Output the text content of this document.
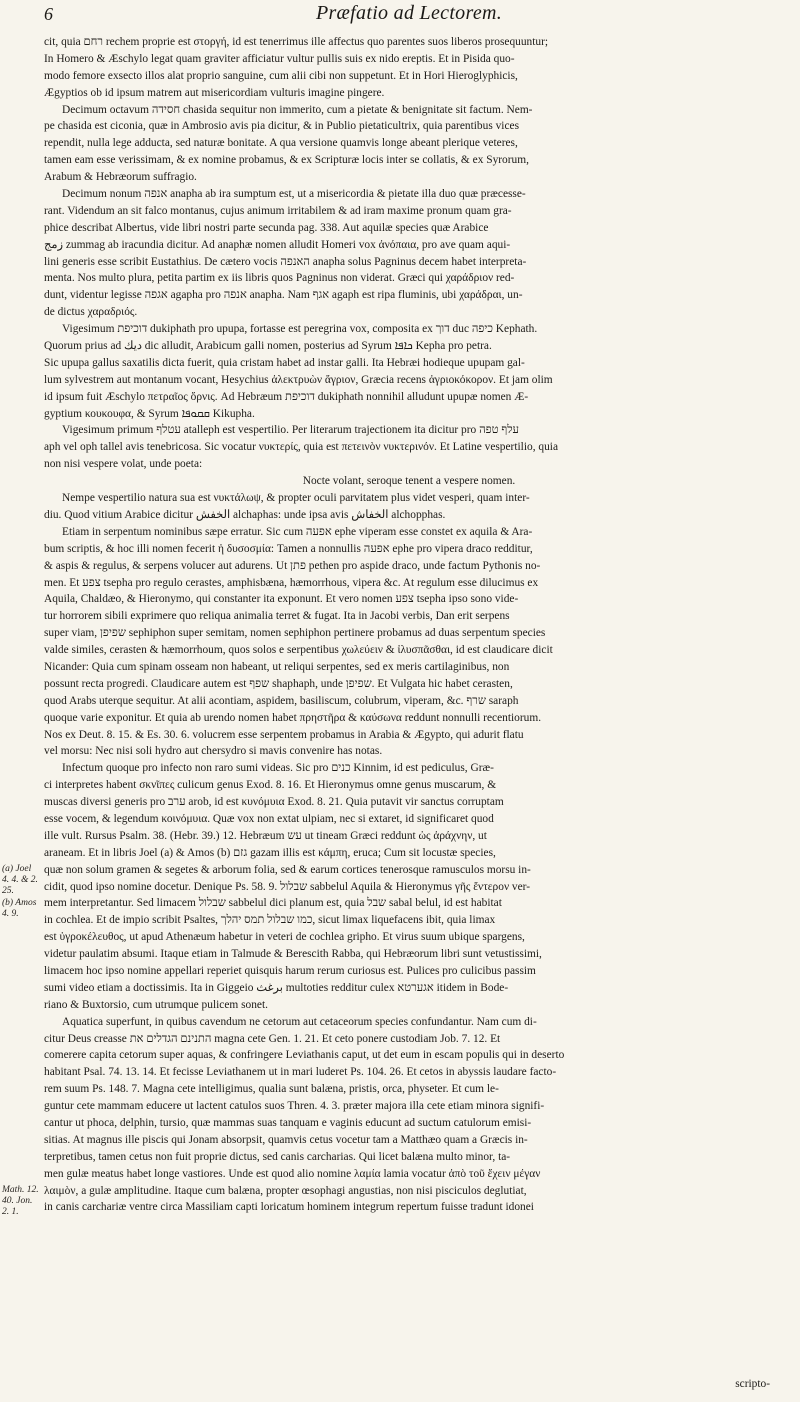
6	Præfatio ad Lectorem.
cit, quia רחם rechem proprie est στοργή, id est tenerrimus ille affectus quo parentes suos liberos prosequuntur;
In Homero & Æschylo legat quam graviter afficiatur vultur pullis suis ex nido ereptis. Et in Pisida quo-
modo femore exsecto illos alat proprio sanguine, cum alii cibi non suppetunt. Et in Hori Hieroglyphicis,
Ægyptios ob id ipsum matrem aut misericordiam vulturis imagine pingere.
Decimum octavum חסידה chasida sequitur non immerito, cum a pietate & benignitate sit factum. Nem-
pe chasida est ciconia, quæ in Ambrosio avis pia dicitur, & in Publio pietaticultrix, quia parentibus vices
rependit, nulla lege adducta, sed naturæ bonitate. A qua versione quamvis longe abeant plerique veteres,
tamen eam esse verissimam, & ex nomine probamus, & ex Scripturæ locis inter se collatis, & ex Syrorum,
Arabum & Hebræorum suffragio.
Decimum nonum אנפה anapha ab ira sumptum est, ut a misericordia & pietate illa duo quæ præcesse-
rant. Videndum an sit falco montanus, cujus animum irritabilem & ad iram maxime pronum quam gra-
phice describat Albertus, vide libri nostri parte secunda pag. 338. Aut aquilæ species quæ Arabice
زمج zummag ab iracundia dicitur. Ad anaphæ nomen alludit Homeri vox ἀνόπαια, pro ave quam aqui-
lini generis esse scribit Eustathius. De cætero vocis האנפה anapha solus Pagninus decem habet interpreta-
menta. Nos multo plura, petita partim ex iis libris quos Pagninus non viderat. Græci qui χαράδριον red-
dunt, videntur legisse אגפה agapha pro אנפה anapha. Nam אגף agaph est ripa fluminis, ubi χαράδραι, un-
de dictus χαραδριός.
Vigesimum דוכיפת dukiphath pro upupa, fortasse est peregrina vox, composita ex דוך duc כיפה Kephath.
Quorum prius ad ديك dic alludit, Arabicum galli nomen, posterius ad Syrum ܟܐܦܐ Kepha pro petra.
Sic upupa gallus saxatilis dicta fuerit, quia cristam habet ad instar galli. Ita Hebræi hodieque upupam gal-
lum sylvestrem aut montanum vocant, Hesychius ἀλεκτρυὼν ἄγριον, Græcia recens ἀγριοκόκορον. Et jam olim
id ipsum fuit Æschylo πετραῖος ὄρνις. Ad Hebræum דוכיפת dukiphath nonnihil alludunt upupæ nomen Æ-
gyptium κουκουφα, & Syrum ܩܩܘܦܐ Kikupha.
Vigesimum primum עטלף atalleph est vespertilio. Per literarum trajectionem ita dicitur pro עלף טפה
aph vel oph tallel avis tenebricosa. Sic vocatur νυκτερίς, quia est πετεινὸν νυκτερινόν. Et Latine vespertilio, quia
non nisi vespere volat, unde poeta:
Nocte volant, seroque tenent a vespere nomen.
Nempe vespertilio natura sua est νυκτάλωψ, & propter oculi parvitatem plus videt vesperi, quam inter-
diu. Quod vitium Arabice dicitur الخفش alchaphas: unde ipsa avis الخفاش alchopphas.
Etiam in serpentum nominibus sæpe erratur. Sic cum אפעה ephe viperam esse constet ex aquila & Ara-
bum scriptis, & hoc illi nomen fecerit ἡ δυσοσμία: Tamen a nonnullis אפעה ephe pro vipera draco redditur,
& aspis & regulus, & serpens volucer aut adurens. Ut פתן pethen pro aspide draco, unde factum Pythonis no-
men. Et צפע tsepha pro regulo cerastes, amphisbæna, hæmorrhous, vipera &c. At regulum esse dilucimus ex
Aquila, Chaldæo, & Hieronymo, qui constanter ita exponunt. Et vero nomen צפע tsepha ipso sono vide-
tur horrorem sibili exprimere quo reliqua animalia terret & fugat. Ita in Jacobi verbis, Dan erit serpens
super viam, שפיפן sephiphon super semitam, nomen sephiphon pertinere probamus ad duas serpentum species
valde similes, cerasten & hæmorrhoum, quos solos e serpentibus χωλεύειν & ἰλυσπᾶσθαι, id est claudicare dicit
Nicander: Quia cum spinam osseam non habeant, ut reliqui serpentes, sed ex meris cartilaginibus, non
possunt recta progredi. Claudicare autem est שפף shaphaph, unde שפיפן. Et Vulgata hic habet cerasten,
quod Arabs uterque sequitur. At alii acontiam, aspidem, basiliscum, colubrum, viperam, &c. שרף saraph
quoque varie exponitur. Et quia ab urendo nomen habet πρηστῆρα & καύσωνα reddunt nonnulli recentiorum.
Nos ex Deut. 8. 15. & Es. 30. 6. volucrem esse serpentem probamus in Arabia & Ægypto, qui adurit flatu
vel morsu: Nec nisi soli hydro aut chersydro si mavis convenire has notas.
Infectum quoque pro infecto non raro sumi videas. Sic pro כנים Kinnim, id est pediculus, Græ-
ci interpretes habent σκνῖπες culicum genus Exod. 8. 16. Et Hieronymus omne genus muscarum, &
muscas diversi generis pro ערב arob, id est κυνόμυια Exod. 8. 21. Quia putavit vir sanctus corruptam
esse vocem, & legendum κοινόμυια. Quæ vox non extat ulpiam, nec si extaret, id significaret quod
ille vult. Rursus Psalm. 38. (Hebr. 39.) 12. Hebræum עש ut tineam Græci reddunt ὡς ἀράχνην, ut
araneam. Et in libris Joel (a) & Amos (b) גזם gazam illis est κάμπη, eruca; Cum sit locustæ species,
quæ non solum gramen & segetes & arborum folia, sed & earum cortices tenerosque ramusculos morsu in-
cidit, quod ipso nomine docetur. Denique Ps. 58. 9. שבלול sabbelul Aquila & Hieronymus γῆς ἔντερον ver-
mem interpretantur. Sed limacem שבלול sabbelul dici planum est, quia שבל sabal belul, id est habitat
in cochlea. Et de impio scribit Psaltes, כמו שבלול תמס יהלך, sicut limax liquefacens ibit, quia limax
est ὑγροκέλευθος, ut apud Athenæum habetur in veteri de cochlea gripho. Et virus suum ubique spargens,
videtur paulatim absumi. Itaque etiam in Talmude & Berescith Rabba, qui Hebræorum libri sunt vetustissimi,
limacem hoc ipso nomine appellari reperiet quisquis harum rerum curiosus est. Pulices pro culicibus passim
sumi video etiam a doctissimis. Ita in Giggeio برغث multoties redditur culex אגערטא itidem in Bode-
riano & Buxtorsio, cum utrumque pulicem sonet.
Aquatica superfunt, in quibus cavendum ne cetorum aut cetaceorum species confundantur. Nam cum di-
citur Deus creasse התנינם הגדלים את magna cete Gen. 1. 21. Et ceto ponere custodiam Job. 7. 12. Et
comerere capita cetorum super aquas, & confringere Leviathanis caput, ut det eum in escam populis qui in deserto
habitant Psal. 74. 13. 14. Et fecisse Leviathanem ut in mari luderet Ps. 104. 26. Et cetos in abyssis laudare facto-
rem suum Ps. 148. 7. Magna cete intelligimus, qualia sunt balæna, pristis, orca, physeter. Et cum le-
guntur cete mammam educere ut lactent catulos suos Thren. 4. 3. præter majora illa cete etiam minora signifi-
cantur ut phoca, delphin, tursio, quæ mammas suas tanquam e vaginis educunt ad suctum catulorum emisi-
sitias. At magnus ille piscis qui Jonam absorpsit, quamvis cetus vocetur tam a Matthæo quam a Græcis in-
terpretibus, tamen cetus non fuit proprie dictus, sed canis carcharias. Qui licet balæna multo minor, ta-
men gulæ meatus habet longe vastiores. Unde est quod alio nomine λαμία lamia vocatur ἀπὸ τοῦ ἔχειν μέγαν
λαιμὸν, a gulæ amplitudine. Itaque cum balæna, propter œsophagi angustias, non nisi pisciculos deglutiat,
in canis carchariæ ventre circa Massiliam capti loricatum hominem integrum repertum fuisse tradunt idonei
(a) Joel 4. 4. & 2. 25.
(b) Amos 4. 9.
Math. 12. 40. Jon. 2. 1.
scripto-
